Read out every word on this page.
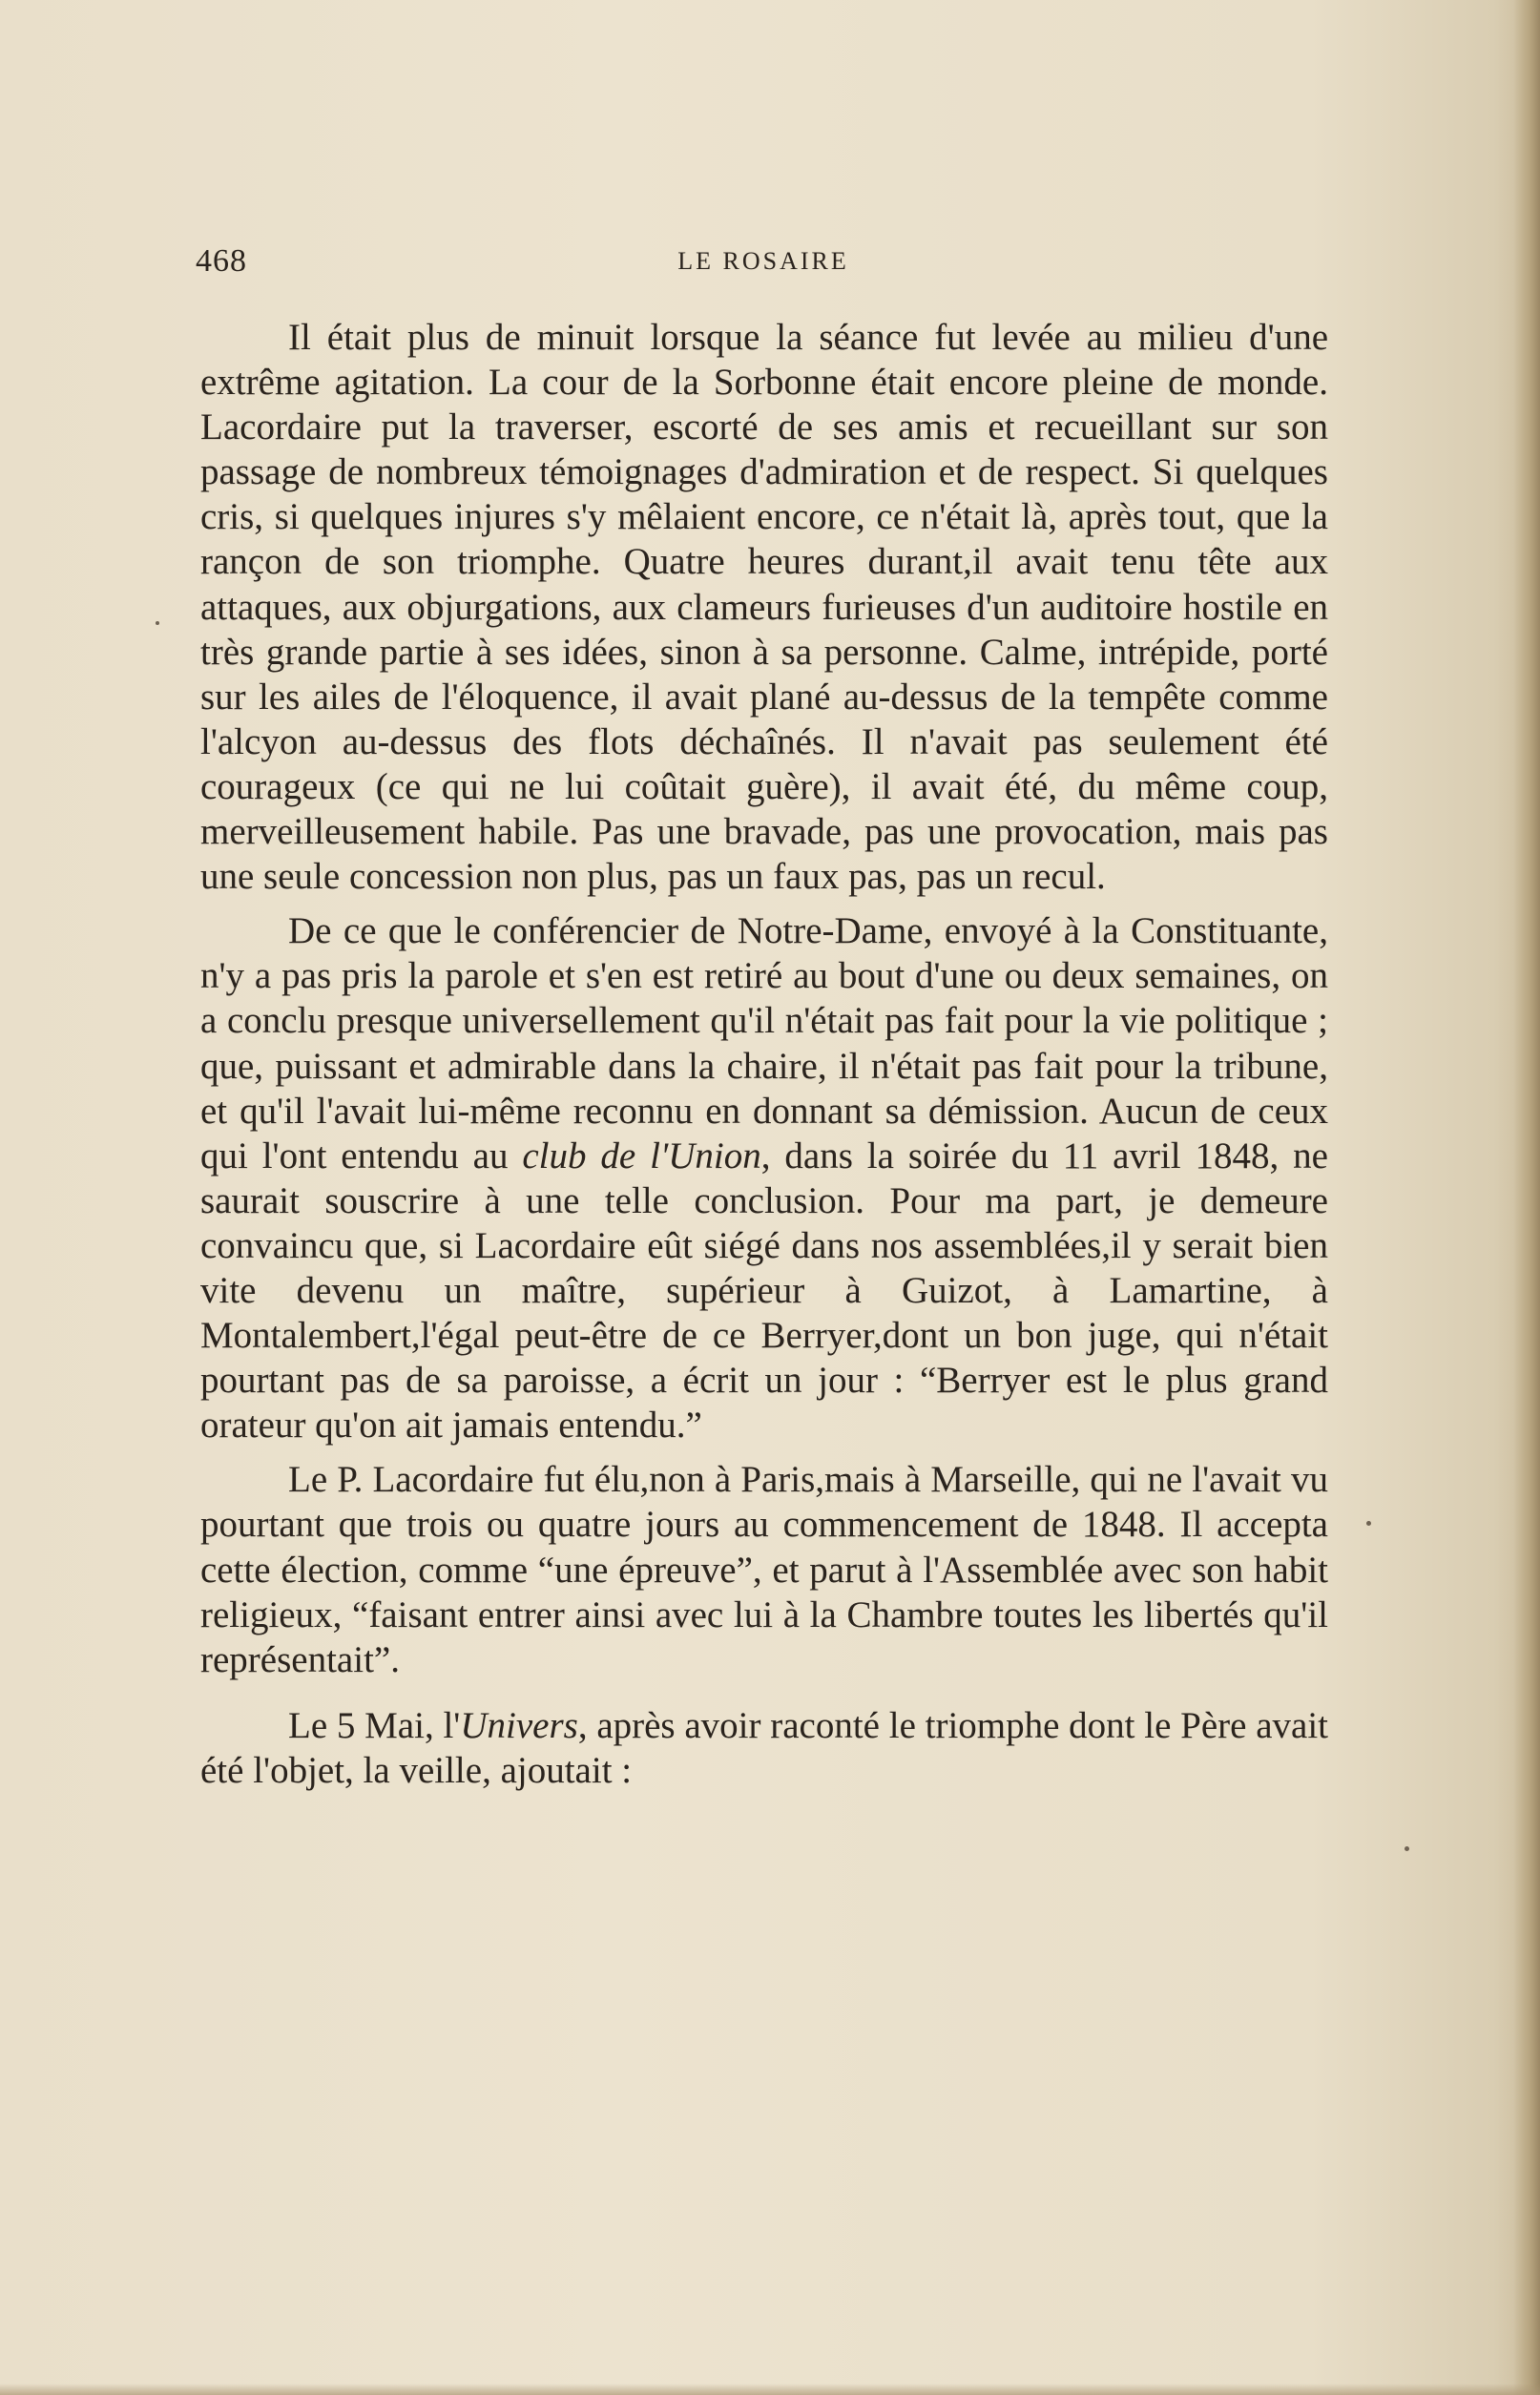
468	LE ROSAIRE

Il était plus de minuit lorsque la séance fut levée au milieu d'une extrême agitation. La cour de la Sorbonne était encore pleine de monde. Lacordaire put la traverser, escorté de ses amis et recueillant sur son passage de nombreux témoignages d'admiration et de respect. Si quelques cris, si quelques injures s'y mêlaient encore, ce n'était là, après tout, que la rançon de son triomphe. Quatre heures durant,il avait tenu tête aux attaques, aux objurgations, aux clameurs furieuses d'un auditoire hostile en très grande partie à ses idées, sinon à sa personne. Calme, intrépide, porté sur les ailes de l'éloquence, il avait plané au-dessus de la tempête comme l'alcyon au-dessus des flots déchaînés. Il n'avait pas seulement été courageux (ce qui ne lui coûtait guère), il avait été, du même coup, merveilleusement habile. Pas une bravade, pas une provocation, mais pas une seule concession non plus, pas un faux pas, pas un recul.

De ce que le conférencier de Notre-Dame, envoyé à la Constituante, n'y a pas pris la parole et s'en est retiré au bout d'une ou deux semaines, on a conclu presque universellement qu'il n'était pas fait pour la vie politique ; que, puissant et admirable dans la chaire, il n'était pas fait pour la tribune, et qu'il l'avait lui-même reconnu en donnant sa démission. Aucun de ceux qui l'ont entendu au club de l'Union, dans la soirée du 11 avril 1848, ne saurait souscrire à une telle conclusion. Pour ma part, je demeure convaincu que, si Lacordaire eût siégé dans nos assemblées,il y serait bien vite devenu un maître, supérieur à Guizot, à Lamartine, à Montalembert,l'égal peut-être de ce Berryer,dont un bon juge, qui n'était pourtant pas de sa paroisse, a écrit un jour : “Berryer est le plus grand orateur qu'on ait jamais entendu.”

Le P. Lacordaire fut élu,non à Paris,mais à Marseille, qui ne l'avait vu pourtant que trois ou quatre jours au commencement de 1848. Il accepta cette élection, comme “une épreuve”, et parut à l'Assemblée avec son habit religieux, “faisant entrer ainsi avec lui à la Chambre toutes les libertés qu'il représentait”.

Le 5 Mai, l'Univers, après avoir raconté le triomphe dont le Père avait été l'objet, la veille, ajoutait :
